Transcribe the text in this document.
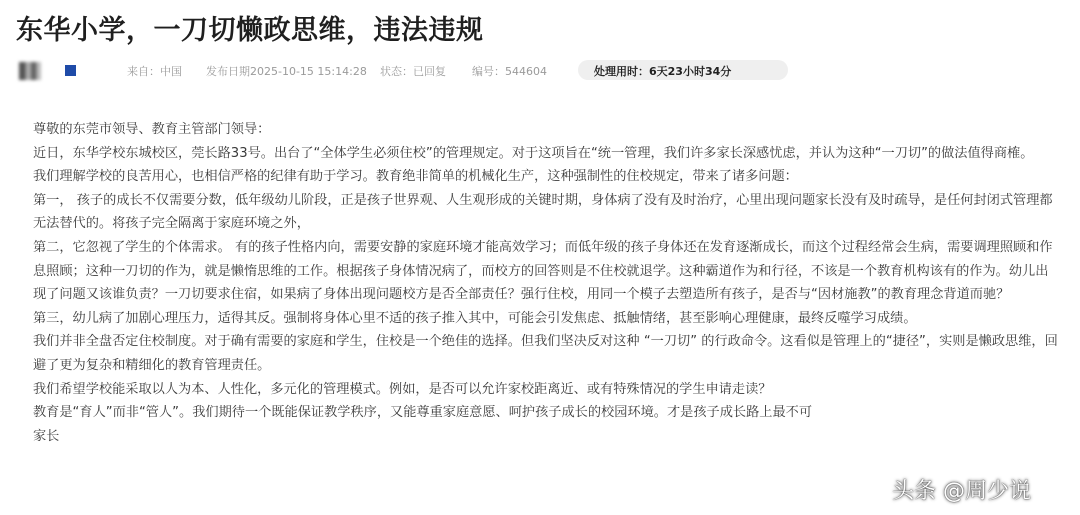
东华小学，一刀切懒政思维，违法违规
来自：中国 发布日期2025-10-15 15:14:28 状态：已回复 编号：544604	处理用时：6天23小时34分

尊敬的东莞市领导、教育主管部门领导：

近日，东华学校东城校区，莞长路33号。出台了“全体学生必须住校”的管理规定。对于这项旨在“统一管理，我们许多家长深感忧虑，并认为这种“一刀切”的做法值得商榷。

我们理解学校的良苦用心，也相信严格的纪律有助于学习。教育绝非简单的机械化生产，这种强制性的住校规定，带来了诸多问题：

第一， 孩子的成长不仅需要分数，低年级幼儿阶段，正是孩子世界观、人生观形成的关键时期，身体病了没有及时治疗，心里出现问题家长没有及时疏导，是任何封闭式管理都无法替代的。将孩子完全隔离于家庭环境之外，

第二，它忽视了学生的个体需求。 有的孩子性格内向，需要安静的家庭环境才能高效学习；而低年级的孩子身体还在发育逐渐成长，而这个过程经常会生病，需要调理照顾和作息照顾；这种一刀切的作为，就是懒惰思维的工作。根据孩子身体情况病了，而校方的回答则是不住校就退学。这种霸道作为和行径，不该是一个教育机构该有的作为。幼儿出现了问题又该谁负责？一刀切要求住宿，如果病了身体出现问题校方是否全部责任？强行住校，用同一个模子去塑造所有孩子，是否与“因材施教”的教育理念背道而驰？

第三，幼儿病了加剧心理压力，适得其反。强制将身体心里不适的孩子推入其中，可能会引发焦虑、抵触情绪，甚至影响心理健康，最终反噬学习成绩。

我们并非全盘否定住校制度。对于确有需要的家庭和学生，住校是一个绝佳的选择。但我们坚决反对这种 “一刀切” 的行政命令。这看似是管理上的“捷径”，实则是懒政思维，回避了更为复杂和精细化的教育管理责任。

我们希望学校能采取以人为本、人性化，多元化的管理模式。例如，是否可以允许家校距离近、或有特殊情况的学生申请走读？

教育是“育人”而非“管人”。我们期待一个既能保证教学秩序，又能尊重家庭意愿、呵护孩子成长的校园环境。才是孩子成长路上最不可

家长

头条 @周少说
